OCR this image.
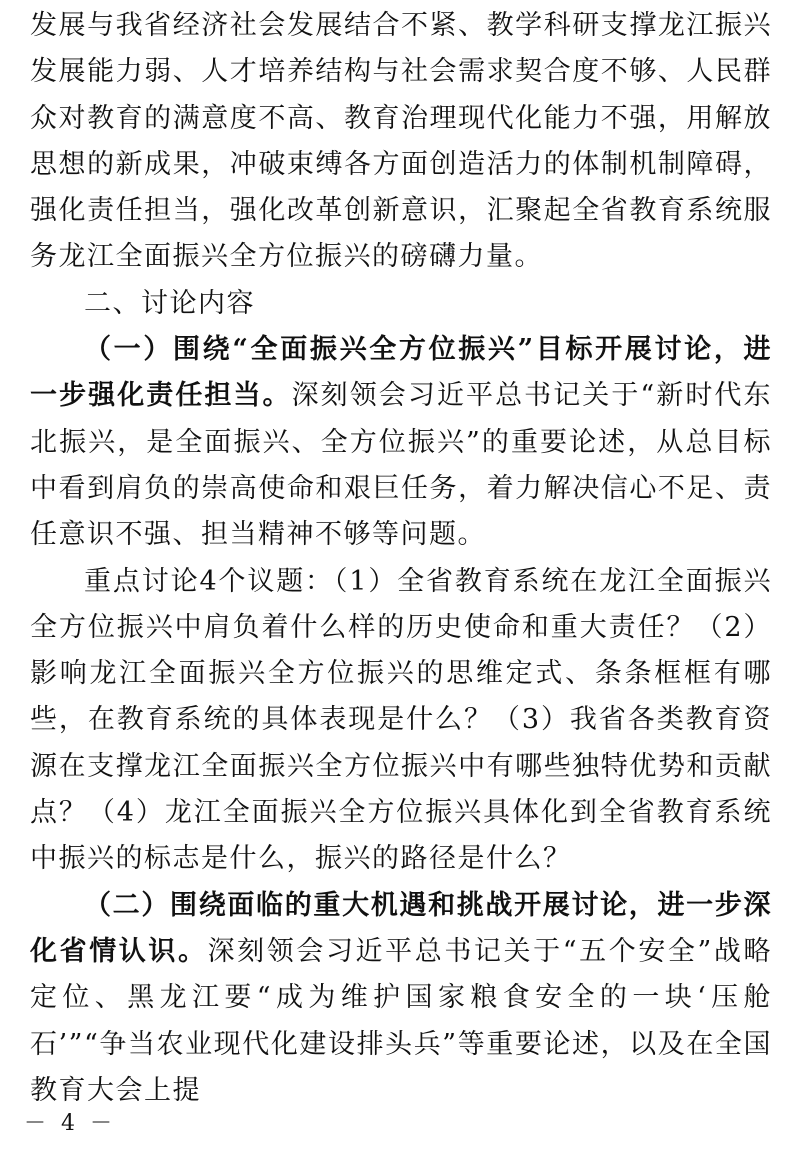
发展与我省经济社会发展结合不紧、教学科研支撑龙江振兴发展能力弱、人才培养结构与社会需求契合度不够、人民群众对教育的满意度不高、教育治理现代化能力不强，用解放思想的新成果，冲破束缚各方面创造活力的体制机制障碍，强化责任担当，强化改革创新意识，汇聚起全省教育系统服务龙江全面振兴全方位振兴的磅礴力量。

二、讨论内容

（一）围绕“全面振兴全方位振兴”目标开展讨论，进一步强化责任担当。深刻领会习近平总书记关于“新时代东北振兴，是全面振兴、全方位振兴”的重要论述，从总目标中看到肩负的崇高使命和艰巨任务，着力解决信心不足、责任意识不强、担当精神不够等问题。

重点讨论4个议题：（1）全省教育系统在龙江全面振兴全方位振兴中肩负着什么样的历史使命和重大责任？（2）影响龙江全面振兴全方位振兴的思维定式、条条框框有哪些，在教育系统的具体表现是什么？（3）我省各类教育资源在支撑龙江全面振兴全方位振兴中有哪些独特优势和贡献点？（4）龙江全面振兴全方位振兴具体化到全省教育系统中振兴的标志是什么，振兴的路径是什么？

（二）围绕面临的重大机遇和挑战开展讨论，进一步深化省情认识。深刻领会习近平总书记关于“五个安全”战略定位、黑龙江要“成为维护国家粮食安全的一块‘压舱石’”“争当农业现代化建设排头兵”等重要论述，以及在全国教育大会上提

－ 4 －
